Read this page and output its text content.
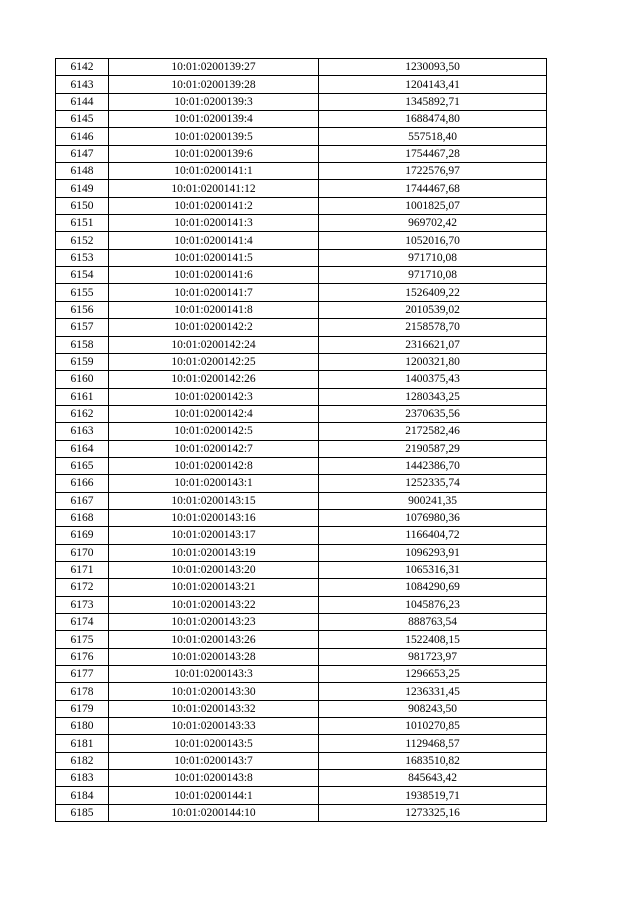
6142	10:01:0200139:27	1230093,50
6143	10:01:0200139:28	1204143,41
6144	10:01:0200139:3	1345892,71
6145	10:01:0200139:4	1688474,80
6146	10:01:0200139:5	557518,40
6147	10:01:0200139:6	1754467,28
6148	10:01:0200141:1	1722576,97
6149	10:01:0200141:12	1744467,68
6150	10:01:0200141:2	1001825,07
6151	10:01:0200141:3	969702,42
6152	10:01:0200141:4	1052016,70
6153	10:01:0200141:5	971710,08
6154	10:01:0200141:6	971710,08
6155	10:01:0200141:7	1526409,22
6156	10:01:0200141:8	2010539,02
6157	10:01:0200142:2	2158578,70
6158	10:01:0200142:24	2316621,07
6159	10:01:0200142:25	1200321,80
6160	10:01:0200142:26	1400375,43
6161	10:01:0200142:3	1280343,25
6162	10:01:0200142:4	2370635,56
6163	10:01:0200142:5	2172582,46
6164	10:01:0200142:7	2190587,29
6165	10:01:0200142:8	1442386,70
6166	10:01:0200143:1	1252335,74
6167	10:01:0200143:15	900241,35
6168	10:01:0200143:16	1076980,36
6169	10:01:0200143:17	1166404,72
6170	10:01:0200143:19	1096293,91
6171	10:01:0200143:20	1065316,31
6172	10:01:0200143:21	1084290,69
6173	10:01:0200143:22	1045876,23
6174	10:01:0200143:23	888763,54
6175	10:01:0200143:26	1522408,15
6176	10:01:0200143:28	981723,97
6177	10:01:0200143:3	1296653,25
6178	10:01:0200143:30	1236331,45
6179	10:01:0200143:32	908243,50
6180	10:01:0200143:33	1010270,85
6181	10:01:0200143:5	1129468,57
6182	10:01:0200143:7	1683510,82
6183	10:01:0200143:8	845643,42
6184	10:01:0200144:1	1938519,71
6185	10:01:0200144:10	1273325,16
